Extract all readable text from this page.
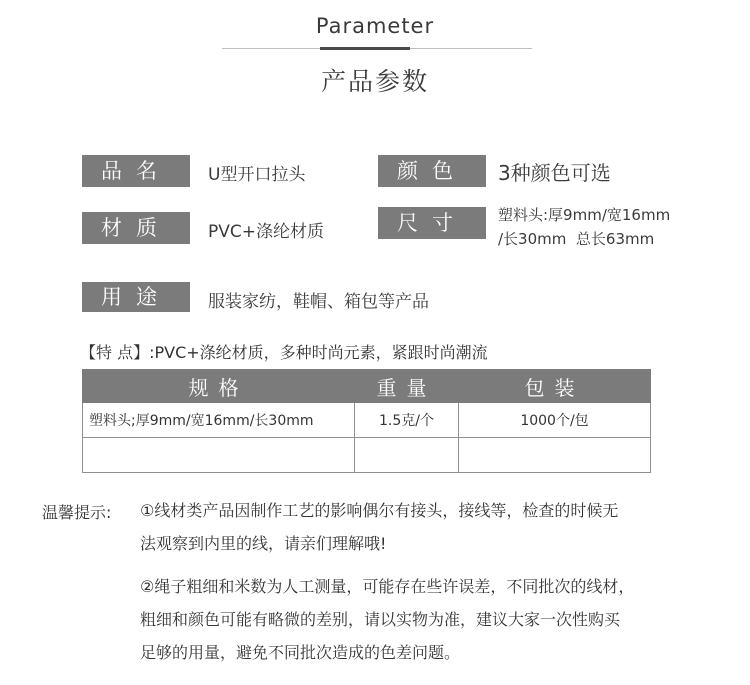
Parameter
产品参数
品名	U型开口拉头	颜色	3种颜色可选
材质	PVC+涤纶材质	尺寸	塑料头:厚9mm/宽16mm
/长30mm  总长63mm
用途	服装家纺，鞋帽、箱包等产品
【特 点】:PVC+涤纶材质，多种时尚元素，紧跟时尚潮流
规格	重量	包装
塑料头;厚9mm/宽16mm/长30mm	1.5克/个	1000个/包

温馨提示: ①线材类产品因制作工艺的影响偶尔有接头，接线等，检查的时候无
法观察到内里的线，请亲们理解哦!
②绳子粗细和米数为人工测量，可能存在些许误差，不同批次的线材，
粗细和颜色可能有略微的差别，请以实物为准，建议大家一次性购买
足够的用量，避免不同批次造成的色差问题。
